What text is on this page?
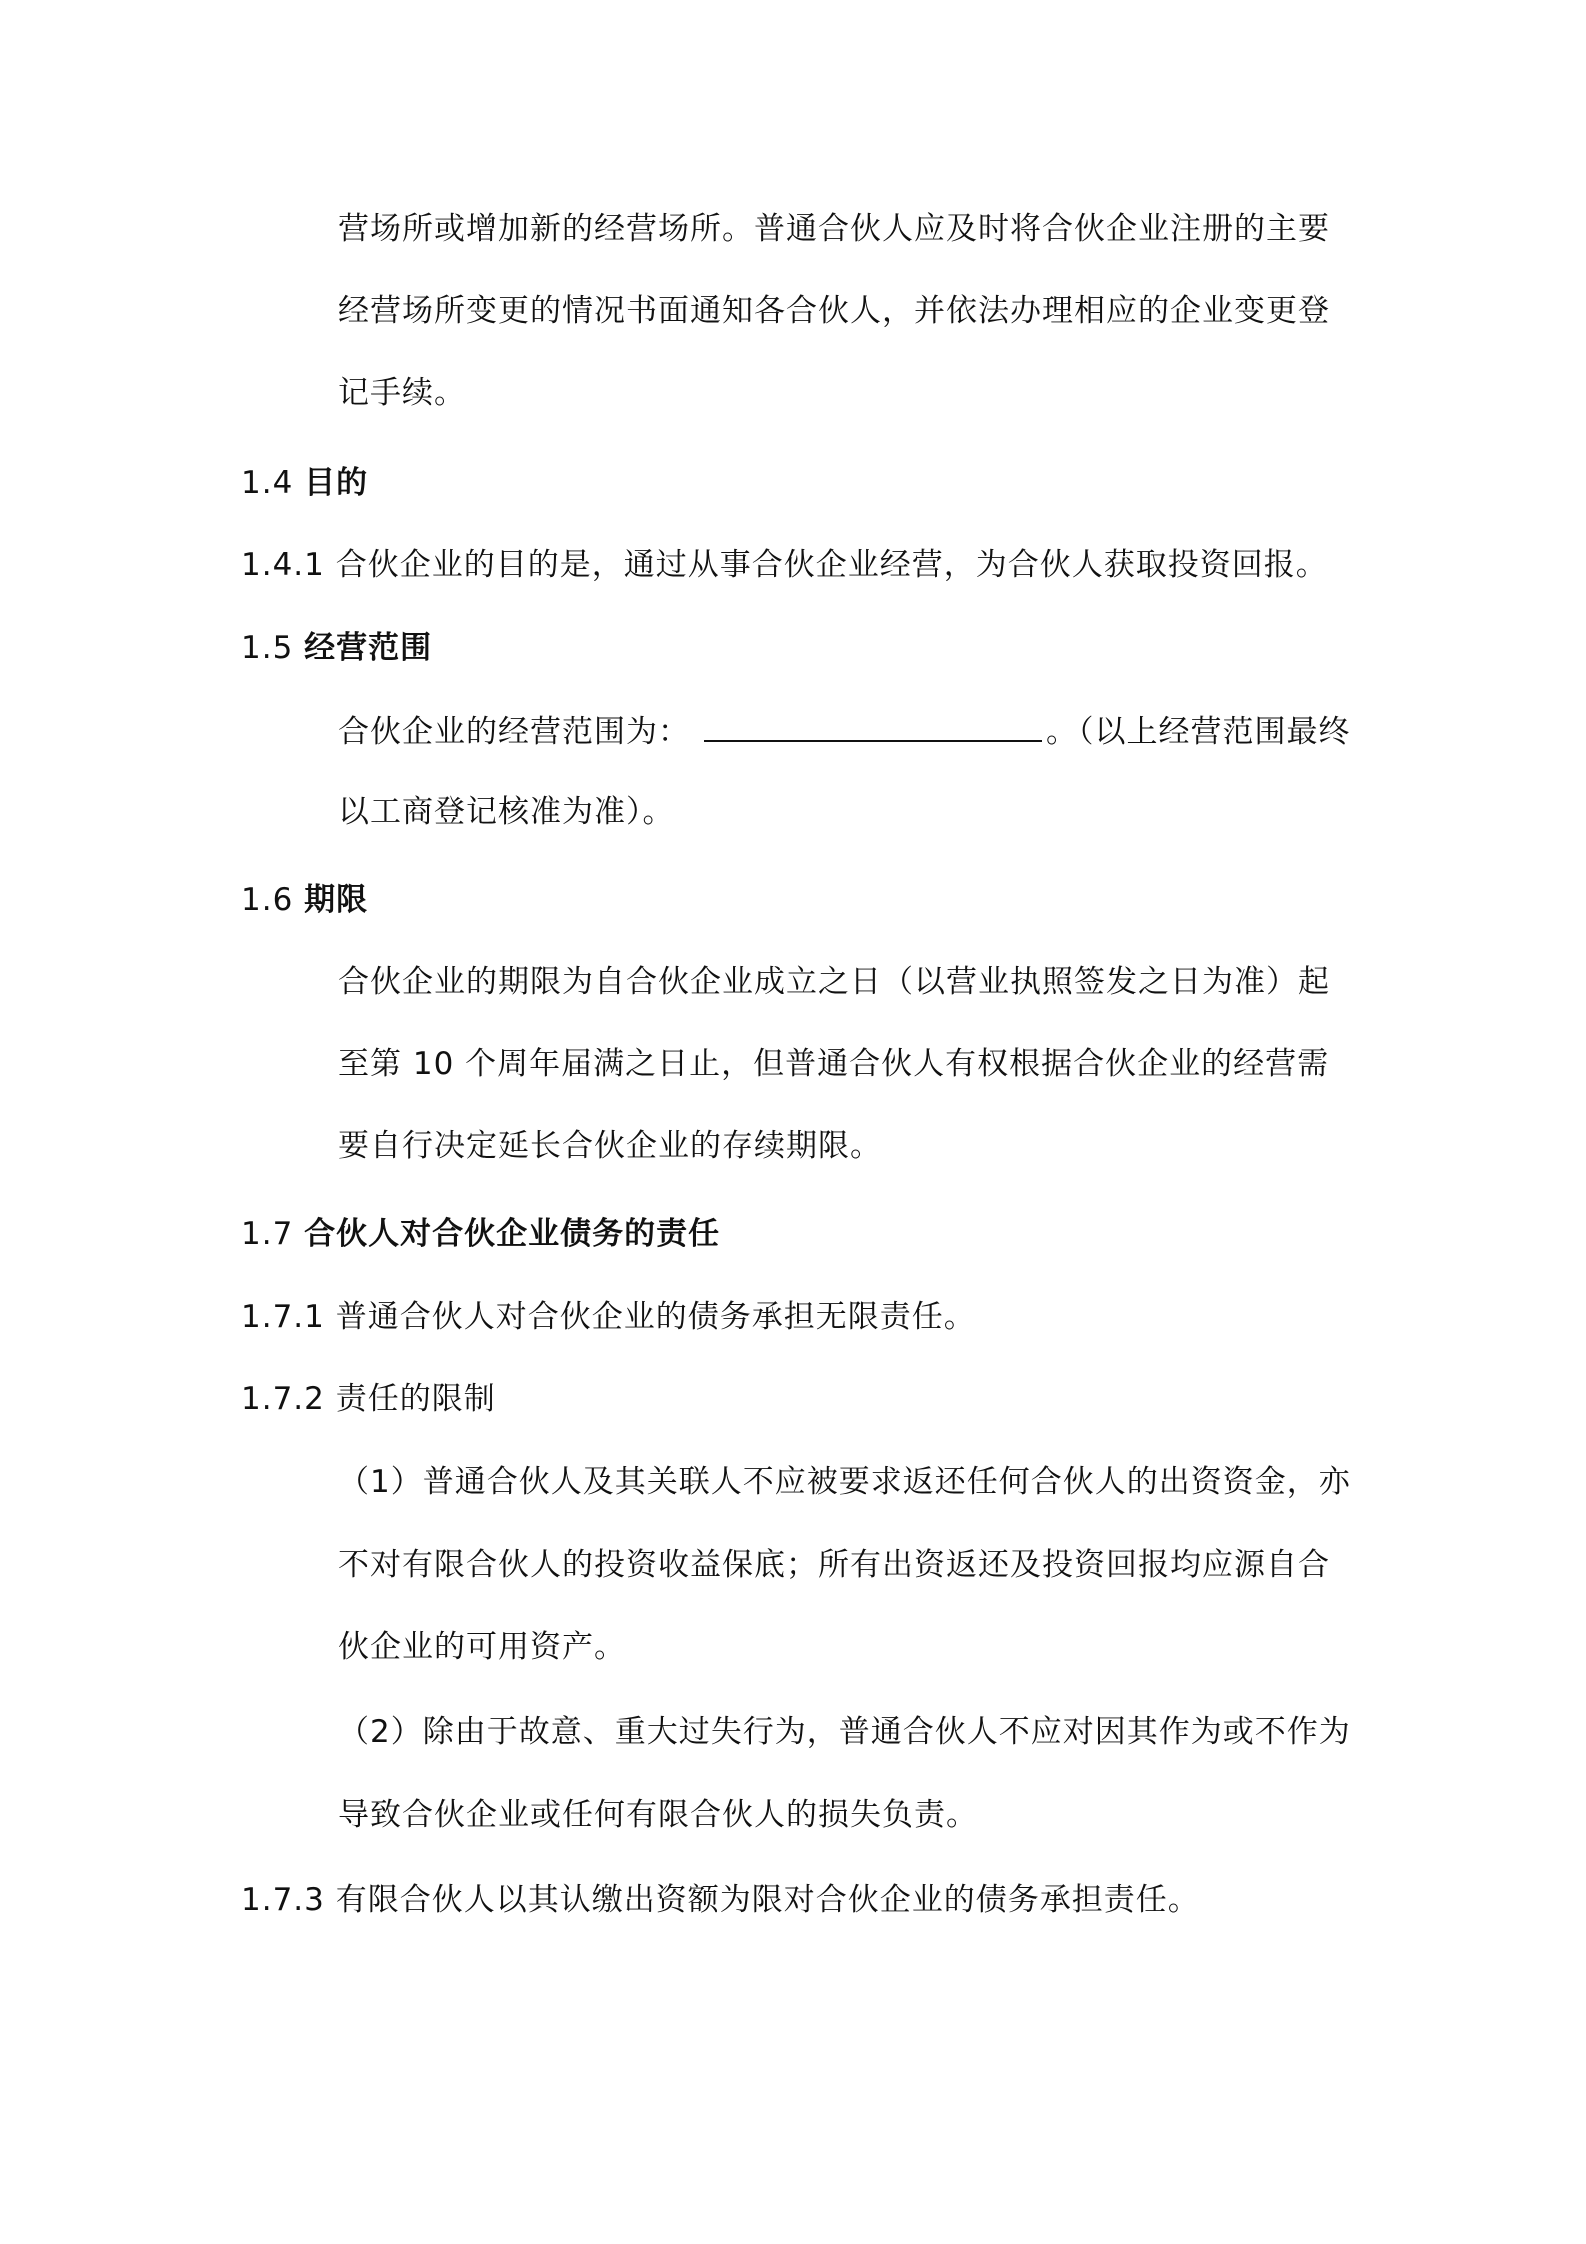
营场所或增加新的经营场所。普通合伙人应及时将合伙企业注册的主要
经营场所变更的情况书面通知各合伙人，并依法办理相应的企业变更登
记手续。
1.4 目的
1.4.1 合伙企业的目的是，通过从事合伙企业经营，为合伙人获取投资回报。
1.5 经营范围
合伙企业的经营范围为：	。（以上经营范围最终
以工商登记核准为准）。
1.6 期限
合伙企业的期限为自合伙企业成立之日（以营业执照签发之日为准）起
至第 10 个周年届满之日止，但普通合伙人有权根据合伙企业的经营需
要自行决定延长合伙企业的存续期限。
1.7 合伙人对合伙企业债务的责任
1.7.1 普通合伙人对合伙企业的债务承担无限责任。
1.7.2 责任的限制
（1）普通合伙人及其关联人不应被要求返还任何合伙人的出资资金，亦
不对有限合伙人的投资收益保底；所有出资返还及投资回报均应源自合
伙企业的可用资产。
（2）除由于故意、重大过失行为，普通合伙人不应对因其作为或不作为
导致合伙企业或任何有限合伙人的损失负责。
1.7.3 有限合伙人以其认缴出资额为限对合伙企业的债务承担责任。
